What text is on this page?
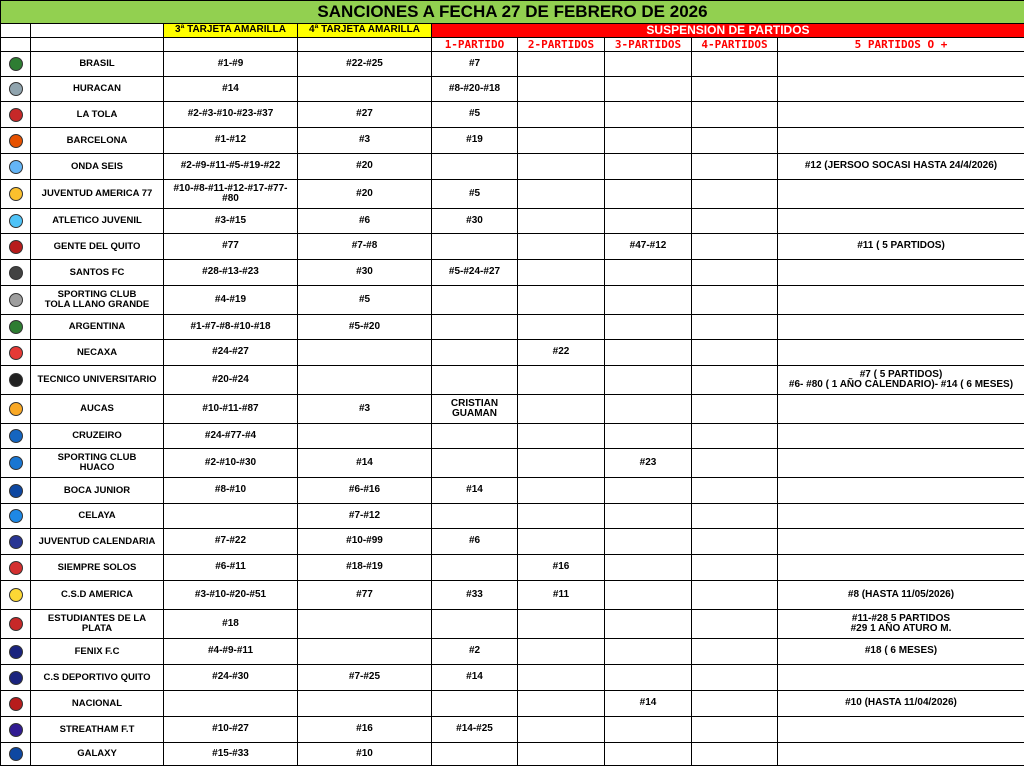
SANCIONES A FECHA 27 DE FEBRERO DE 2026								
		3ª TARJETA AMARILLA	4ª TARJETA AMARILLA	SUSPENSION DE PARTIDOS				
				1-PARTIDO	2-PARTIDOS	3-PARTIDOS	4-PARTIDOS	5 PARTIDOS O +
	BRASIL	#1-#9	#22-#25	#7				
	HURACAN	#14		#8-#20-#18				
	LA TOLA	#2-#3-#10-#23-#37	#27	#5				
	BARCELONA	#1-#12	#3	#19				
	ONDA SEIS	#2-#9-#11-#5-#19-#22	#20					#12 (JERSOO SOCASI HASTA 24/4/2026)
	JUVENTUD AMERICA 77	#10-#8-#11-#12-#17-#77-#80	#20	#5				
	ATLETICO JUVENIL	#3-#15	#6	#30				
	GENTE DEL QUITO	#77	#7-#8			#47-#12		#11 ( 5 PARTIDOS)
	SANTOS FC	#28-#13-#23	#30	#5-#24-#27				
	SPORTING CLUB
TOLA LLANO GRANDE	#4-#19	#5					
	ARGENTINA	#1-#7-#8-#10-#18	#5-#20					
	NECAXA	#24-#27			#22			
	TECNICO UNIVERSITARIO	#20-#24						#7 ( 5 PARTIDOS)
#6- #80 ( 1 AÑO CALENDARIO)- #14 ( 6 MESES)
	AUCAS	#10-#11-#87	#3	CRISTIAN
GUAMAN				
	CRUZEIRO	#24-#77-#4						
	SPORTING CLUB
HUACO	#2-#10-#30	#14			#23		
	BOCA JUNIOR	#8-#10	#6-#16	#14				
	CELAYA		#7-#12					
	JUVENTUD CALENDARIA	#7-#22	#10-#99	#6				
	SIEMPRE SOLOS	#6-#11	#18-#19		#16			
	C.S.D AMERICA	#3-#10-#20-#51	#77	#33	#11			#8 (HASTA 11/05/2026)
	ESTUDIANTES DE LA
PLATA	#18						#11-#28 5 PARTIDOS
#29 1 AÑO ATURO M.
	FENIX F.C	#4-#9-#11		#2				#18 ( 6 MESES)
	C.S DEPORTIVO QUITO	#24-#30	#7-#25	#14				
	NACIONAL					#14		#10 (HASTA 11/04/2026)
	STREATHAM F.T	#10-#27	#16	#14-#25				
	GALAXY	#15-#33	#10					
